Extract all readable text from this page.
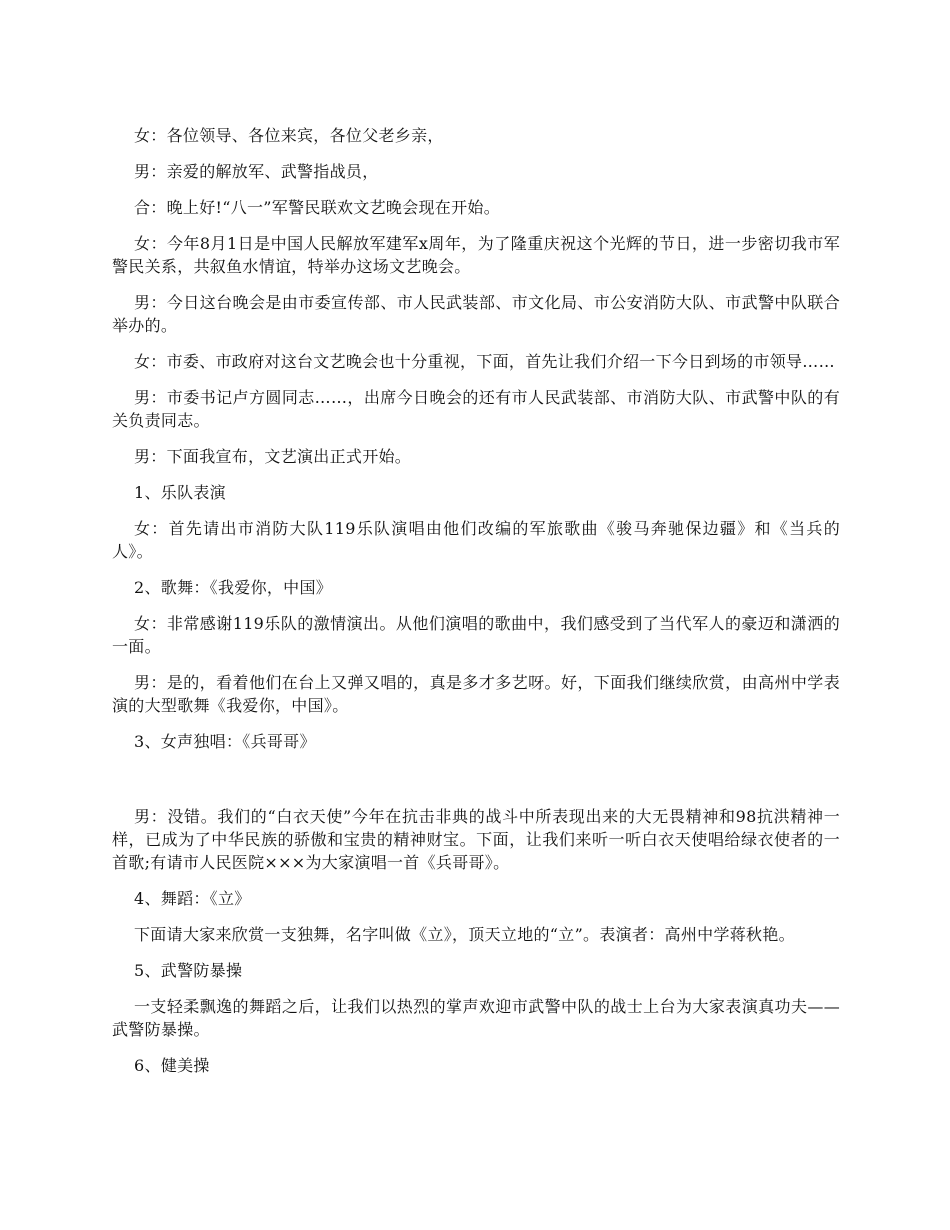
女：各位领导、各位来宾，各位父老乡亲，

男：亲爱的解放军、武警指战员，

合：晚上好!“八一”军警民联欢文艺晚会现在开始。

女：今年8月1日是中国人民解放军建军x周年，为了隆重庆祝这个光辉的节日，进一步密切我市军警民关系，共叙鱼水情谊，特举办这场文艺晚会。

男：今日这台晚会是由市委宣传部、市人民武装部、市文化局、市公安消防大队、市武警中队联合举办的。

女：市委、市政府对这台文艺晚会也十分重视，下面，首先让我们介绍一下今日到场的市领导……

男：市委书记卢方圆同志……，出席今日晚会的还有市人民武装部、市消防大队、市武警中队的有关负责同志。

男：下面我宣布，文艺演出正式开始。

1、乐队表演

女：首先请出市消防大队119乐队演唱由他们改编的军旅歌曲《骏马奔驰保边疆》和《当兵的人》。

2、歌舞：《我爱你，中国》

女：非常感谢119乐队的激情演出。从他们演唱的歌曲中，我们感受到了当代军人的豪迈和潇洒的一面。

男：是的，看着他们在台上又弹又唱的，真是多才多艺呀。好，下面我们继续欣赏，由高州中学表演的大型歌舞《我爱你，中国》。

3、女声独唱：《兵哥哥》

男：没错。我们的“白衣天使”今年在抗击非典的战斗中所表现出来的大无畏精神和98抗洪精神一样，已成为了中华民族的骄傲和宝贵的精神财宝。下面，让我们来听一听白衣天使唱给绿衣使者的一首歌;有请市人民医院×××为大家演唱一首《兵哥哥》。

4、舞蹈：《立》

下面请大家来欣赏一支独舞，名字叫做《立》，顶天立地的“立”。表演者：高州中学蒋秋艳。

5、武警防暴操

一支轻柔飘逸的舞蹈之后，让我们以热烈的掌声欢迎市武警中队的战士上台为大家表演真功夫——武警防暴操。

6、健美操
